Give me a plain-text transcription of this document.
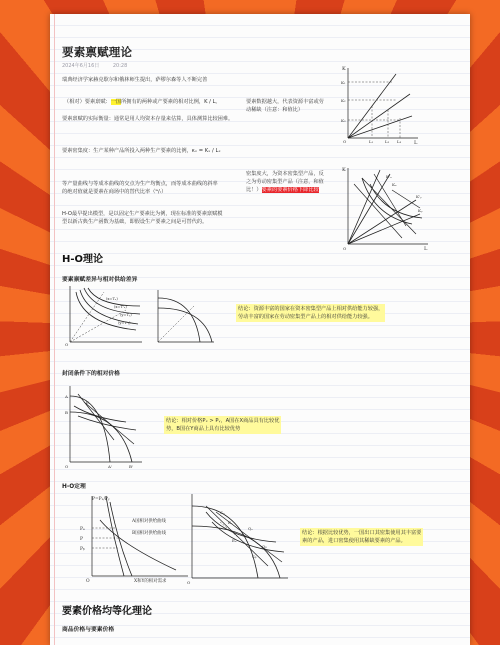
要素禀赋理论
2024年6月16日	20:28
瑞典经济学家赫克歇尔和俄林师生提出，萨缪尔森等人不断完善
（相对）要素禀赋：一国所拥有的两种或产要素的相对比例，K / L。	要素数据越大，代表资源丰富或劳
动稀缺（注意：和值比）
要素禀赋的实际衡量：通常是用人均资本存量来估算，具体测算比较困难。
要素密集度：生产某种产品所投入两种生产要素的比例，κₓ = Kₓ / Lₓ
等产量曲线与等成本曲线的交点为生产均衡点，而等成本曲线的斜率
的绝对值就是要素在商场中的替代比率（ʷ/ᵣ）
密集度大，为资本密集型产品，反
之为劳动密集型产品（注意，和值
比！）要素的要素价格下降比较
H-O最早提出模型，是以固定生产要素比为例，现在标准的要素禀赋模
型以新古典生产函数为基础，即假设生产要素之间是可替代的。
K
L
K₁
K₂
K₃
L₁	L₂ L₃
O
K
L
K'ₓ
Kₓ
K'ᵧ
Kᵧ
O
H-O理论
要素禀赋差异与相对供给差异
(x=Tₓ)
(x=T'ₓ)
(y=Tᵧ)
(y=T'ᵧ)
O
结论：资源丰富的国家在资本密集型产品上相对供给能力较强，
劳动丰富的国家在劳动密集型产品上的相对供给能力较强。
封闭条件下的相对价格
Eₐ
A
Eᵦ
B
A'	B'
O
结论：相对价格Pₓ > Pᵧ，A国在X商品具有比较优
势，B国在Y商品上具有比较优势
H-O定理
P=Pₓ/Pᵧ
Pₐ
P
Pᵦ
A国相对供给曲线
B国相对供给曲线
X和Y的相对需求
O
Cₐ
Eₐ
Qₐ
Eₒ
Qᵦ
Cᵦ
O
结论：根据比较优势，一国出口其密集使用其丰富要
素的产品，进口密集使用其稀缺要素的产品。
要素价格均等化理论
商品价格与要素价格
